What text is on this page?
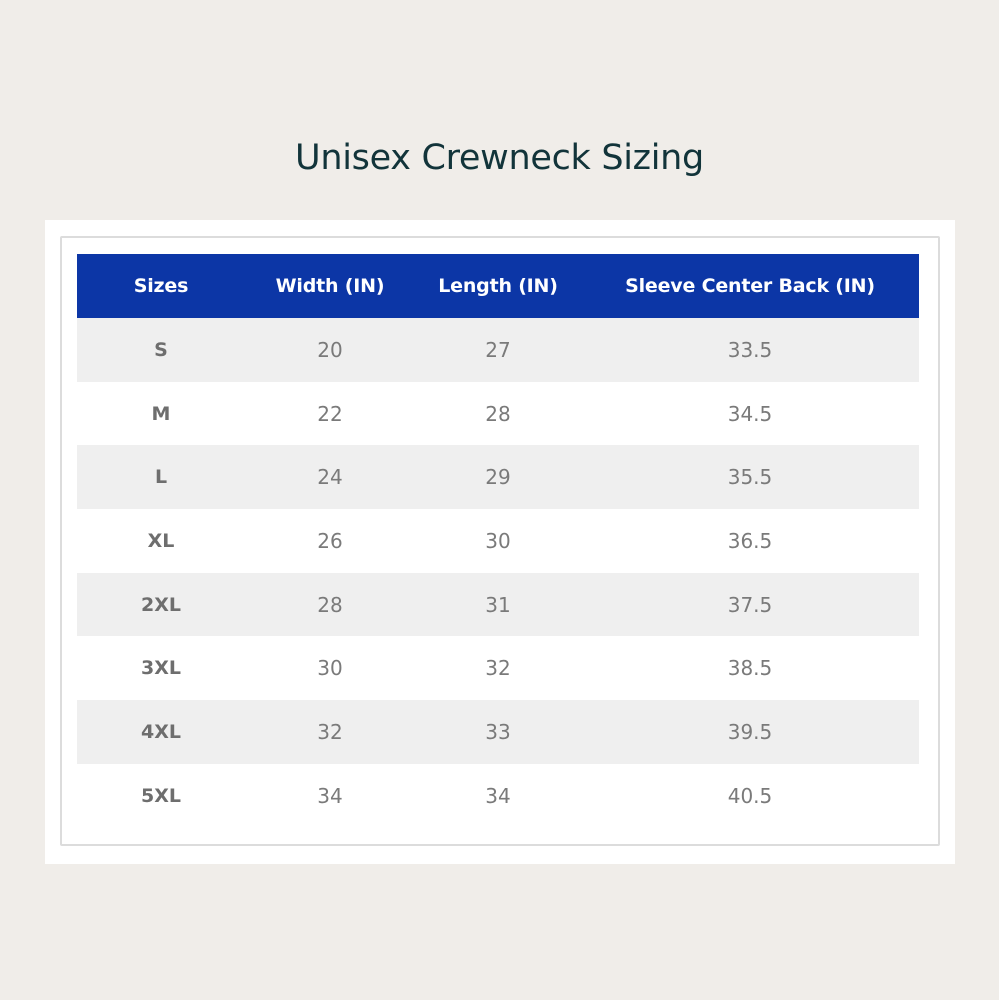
Unisex Crewneck Sizing
Sizes	Width (IN)	Length (IN)	Sleeve Center Back (IN)
S	20	27	33.5
M	22	28	34.5
L	24	29	35.5
XL	26	30	36.5
2XL	28	31	37.5
3XL	30	32	38.5
4XL	32	33	39.5
5XL	34	34	40.5
